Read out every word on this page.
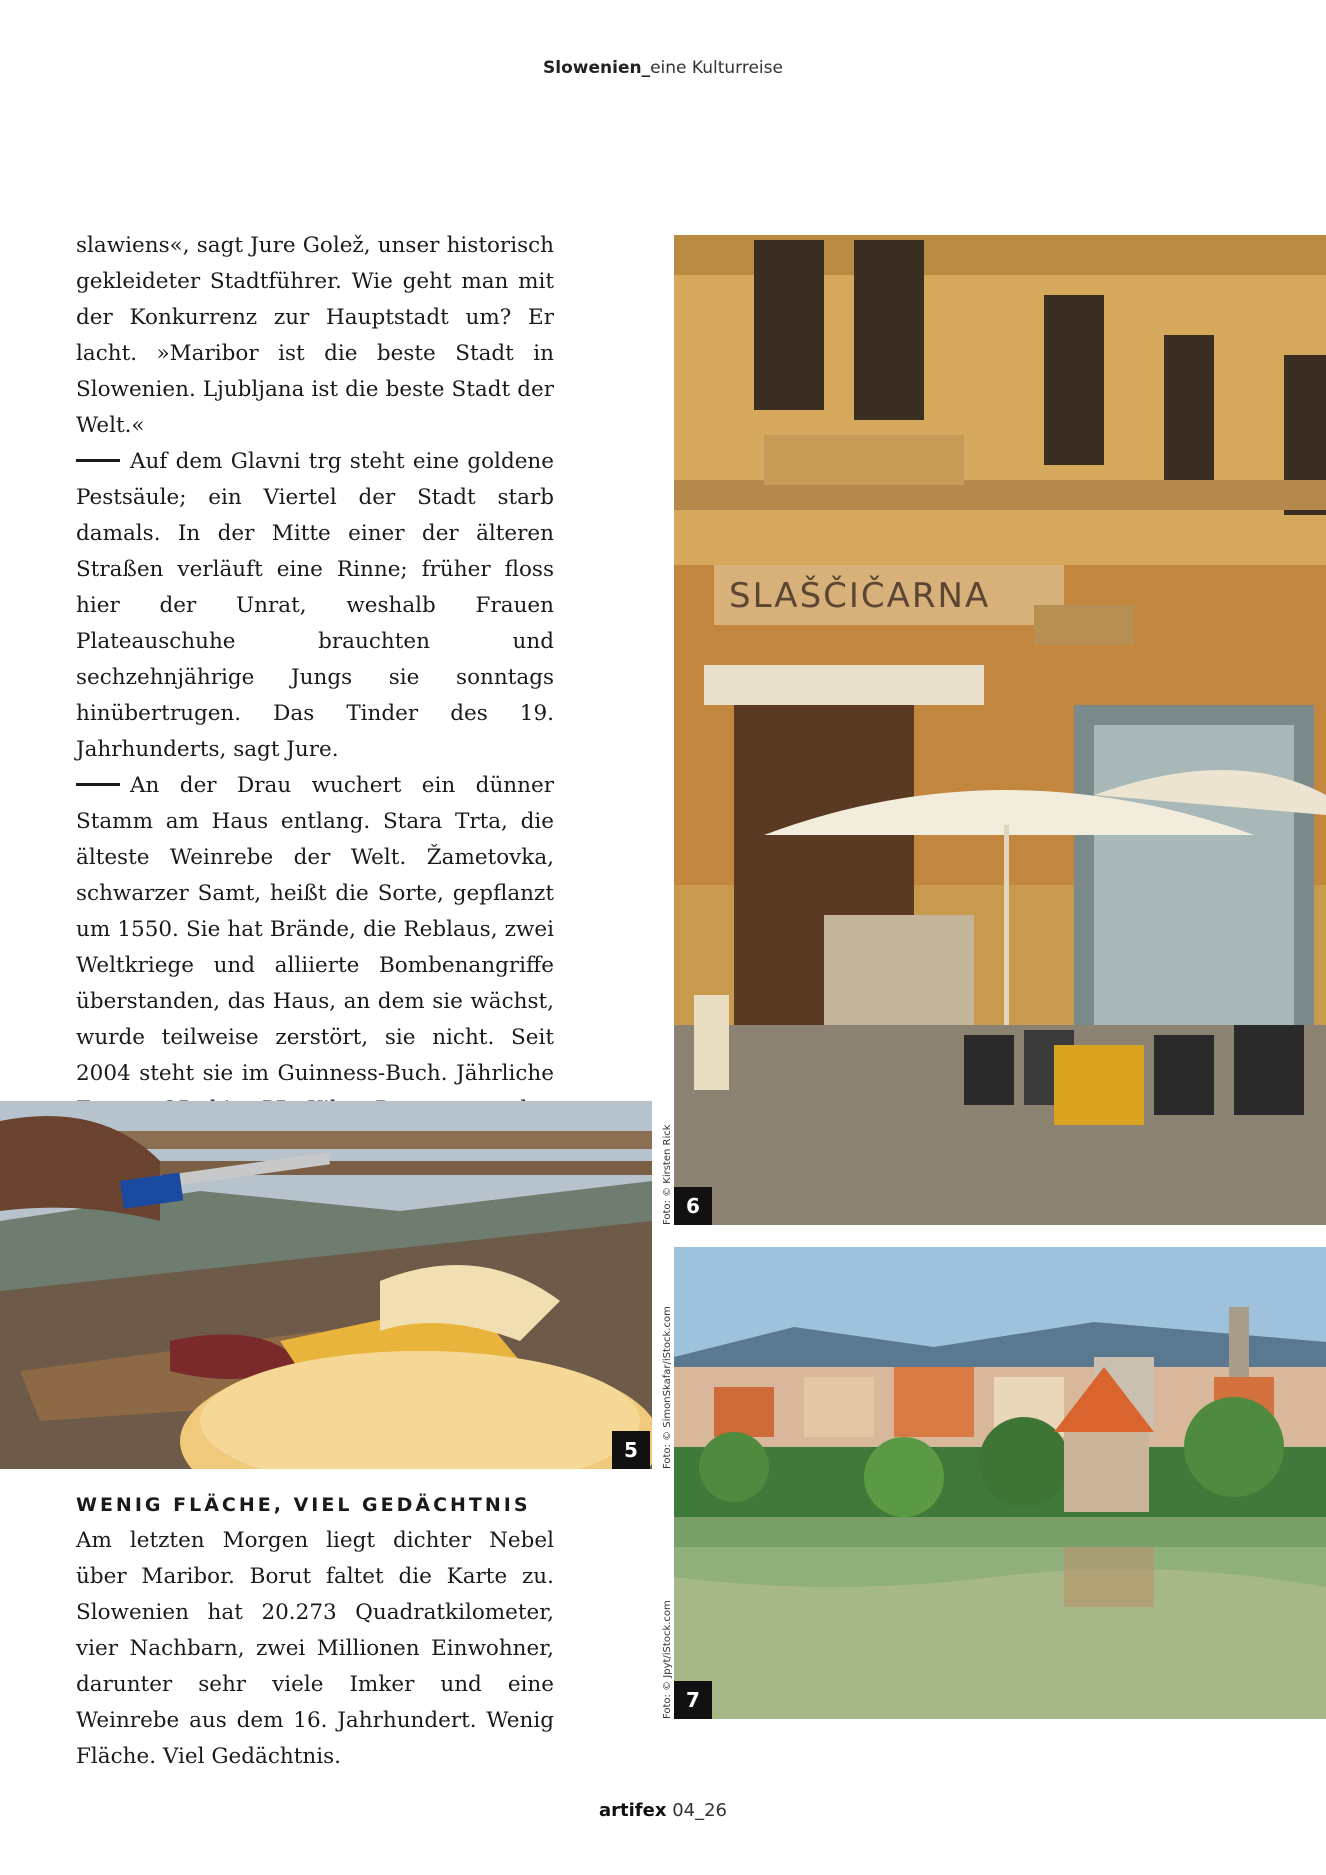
Slowenien_eine Kulturreise

slawiens«, sagt Jure Golež, unser historisch gekleideter Stadtführer. Wie geht man mit der Konkurrenz zur Hauptstadt um? Er lacht. »Maribor ist die beste Stadt in Slowenien. Ljubljana ist die beste Stadt der Welt.«

Auf dem Glavni trg steht eine goldene Pestsäule; ein Viertel der Stadt starb damals. In der Mitte einer der älteren Straßen verläuft eine Rinne; früher floss hier der Unrat, weshalb Frauen Plateauschuhe brauchten und sechzehnjährige Jungs sie sonntags hinübertrugen. Das Tinder des 19. Jahrhunderts, sagt Jure.

An der Drau wuchert ein dünner Stamm am Haus entlang. Stara Trta, die älteste Weinrebe der Welt. Žametovka, schwarzer Samt, heißt die Sorte, gepflanzt um 1550. Sie hat Brände, die Reblaus, zwei Weltkriege und alliierte Bombenangriffe überstanden, das Haus, an dem sie wächst, wurde teilweise zerstört, sie nicht. Seit 2004 steht sie im Guinness-Buch. Jährliche

SLAŠČIČARNA
6
Foto: © Kirsten Rick
5	Foto: © SimonSkafar/iStock.com
7
Foto: © Jpyt/iStock.com
WENIG FLÄCHE, VIEL GEDÄCHTNIS

Am letzten Morgen liegt dichter Nebel über Maribor. Borut faltet die Karte zu. Slowenien hat 20.273 Quadratkilometer, vier Nachbarn, zwei Millionen Einwohner, darunter sehr viele Imker und eine Weinrebe aus dem 16. Jahrhundert. Wenig Fläche. Viel Gedächtnis.

artifex 04_26
